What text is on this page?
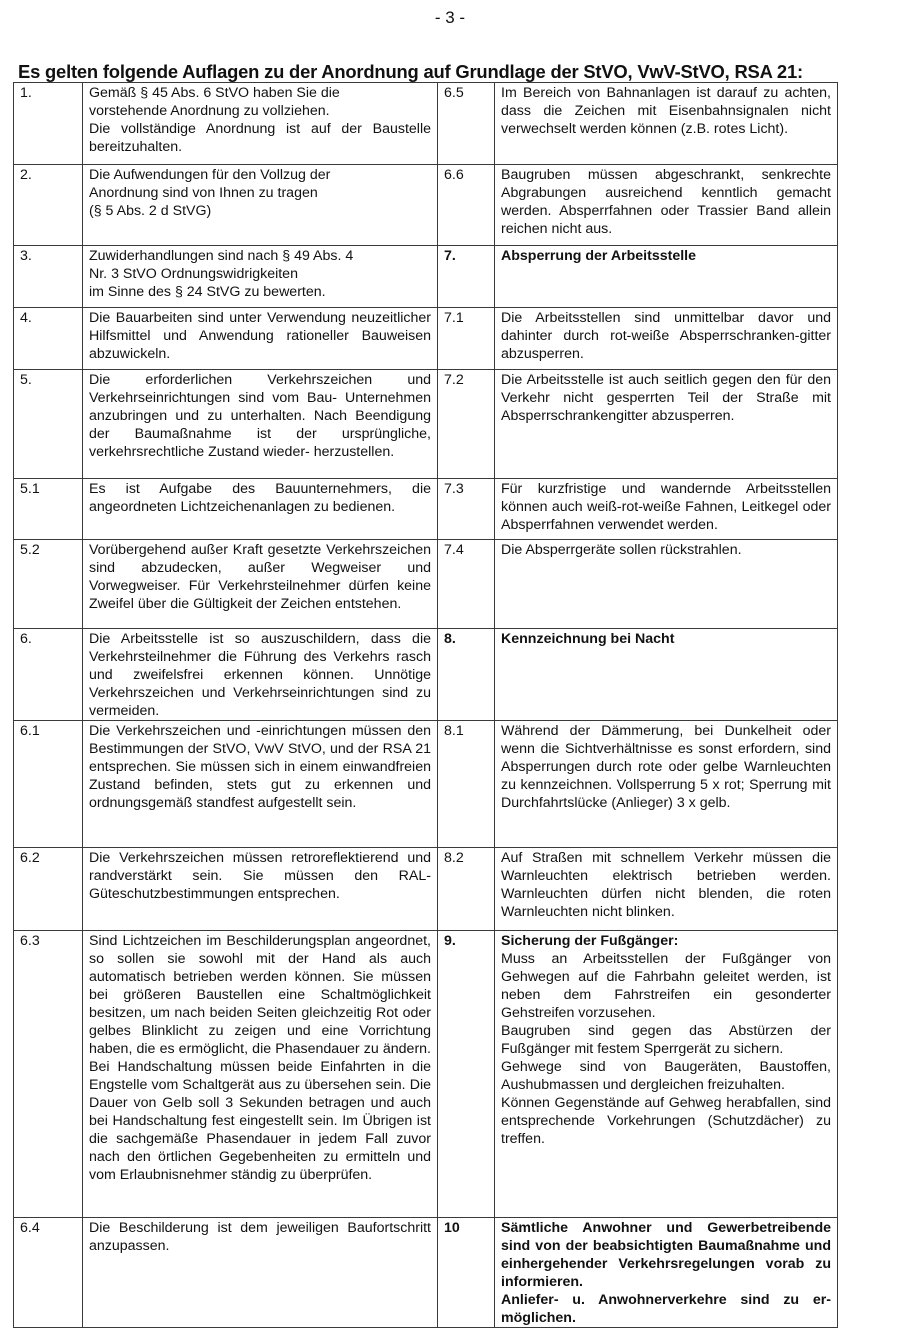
- 3 -
Es gelten folgende Auflagen zu der Anordnung auf Grundlage der StVO, VwV-StVO, RSA 21:
1.	Gemäß § 45 Abs. 6 StVO haben Sie die
vorstehende Anordnung zu vollziehen.
Die vollständige Anordnung ist auf der Baustelle bereitzuhalten.	6.5	Im Bereich von Bahnanlagen ist darauf zu achten, dass die Zeichen mit Eisenbahnsignalen nicht verwechselt werden können (z.B. rotes Licht).
2.	Die Aufwendungen für den Vollzug der
Anordnung sind von Ihnen zu tragen
(§ 5 Abs. 2 d StVG)	6.6	Baugruben müssen abgeschrankt, senkrechte Abgrabungen ausreichend kenntlich gemacht werden. Absperrfahnen oder Trassier Band allein reichen nicht aus.
3.	Zuwiderhandlungen sind nach § 49 Abs. 4
Nr. 3 StVO Ordnungswidrigkeiten
im Sinne des § 24 StVG zu bewerten.	7.	Absperrung der Arbeitsstelle
4.	Die Bauarbeiten sind unter Verwendung neuzeitlicher Hilfsmittel und Anwendung rationeller Bauweisen abzuwickeln.	7.1	Die Arbeitsstellen sind unmittelbar davor und dahinter durch rot-weiße Absperrschranken-gitter abzusperren.
5.	Die erforderlichen Verkehrszeichen und Verkehrseinrichtungen sind vom Bau- Unternehmen anzubringen und zu unterhalten. Nach Beendigung der Baumaßnahme ist der ursprüngliche, verkehrsrechtliche Zustand wieder- herzustellen.	7.2	Die Arbeitsstelle ist auch seitlich gegen den für den Verkehr nicht gesperrten Teil der Straße mit Absperrschrankengitter abzusperren.
5.1	Es ist Aufgabe des Bauunternehmers, die angeordneten Lichtzeichenanlagen zu bedienen.	7.3	Für kurzfristige und wandernde Arbeitsstellen können auch weiß-rot-weiße Fahnen, Leitkegel oder Absperrfahnen verwendet werden.
5.2	Vorübergehend außer Kraft gesetzte Verkehrszeichen sind abzudecken, außer Wegweiser und Vorwegweiser. Für Verkehrsteilnehmer dürfen keine Zweifel über die Gültigkeit der Zeichen entstehen.	7.4	Die Absperrgeräte sollen rückstrahlen.
6.	Die Arbeitsstelle ist so auszuschildern, dass die Verkehrsteilnehmer die Führung des Verkehrs rasch und zweifelsfrei erkennen können. Unnötige Verkehrszeichen und Verkehrseinrichtungen sind zu vermeiden.	8.	Kennzeichnung bei Nacht
6.1	Die Verkehrszeichen und -einrichtungen müssen den Bestimmungen der StVO, VwV StVO, und der RSA 21 entsprechen. Sie müssen sich in einem einwandfreien Zustand befinden, stets gut zu erkennen und ordnungsgemäß standfest aufgestellt sein.	8.1	Während der Dämmerung, bei Dunkelheit oder wenn die Sichtverhältnisse es sonst erfordern, sind Absperrungen durch rote oder gelbe Warnleuchten zu kennzeichnen. Vollsperrung 5 x rot; Sperrung mit Durchfahrtslücke (Anlieger) 3 x gelb.
6.2	Die Verkehrszeichen müssen retroreflektierend und randverstärkt sein. Sie müssen den RAL-Güteschutzbestimmungen entsprechen.	8.2	Auf Straßen mit schnellem Verkehr müssen die Warnleuchten elektrisch betrieben werden. Warnleuchten dürfen nicht blenden, die roten Warnleuchten nicht blinken.
6.3	Sind Lichtzeichen im Beschilderungsplan angeordnet, so sollen sie sowohl mit der Hand als auch automatisch betrieben werden können. Sie müssen bei größeren Baustellen eine Schaltmöglichkeit besitzen, um nach beiden Seiten gleichzeitig Rot oder gelbes Blinklicht zu zeigen und eine Vorrichtung haben, die es ermöglicht, die Phasendauer zu ändern. Bei Handschaltung müssen beide Einfahrten in die Engstelle vom Schaltgerät aus zu übersehen sein. Die Dauer von Gelb soll 3 Sekunden betragen und auch bei Handschaltung fest eingestellt sein. Im Übrigen ist die sachgemäße Phasendauer in jedem Fall zuvor nach den örtlichen Gegebenheiten zu ermitteln und vom Erlaubnisnehmer ständig zu überprüfen.	9.	Sicherung der Fußgänger:
Muss an Arbeitsstellen der Fußgänger von Gehwegen auf die Fahrbahn geleitet werden, ist neben dem Fahrstreifen ein gesonderter Gehstreifen vorzusehen.
Baugruben sind gegen das Abstürzen der Fußgänger mit festem Sperrgerät zu sichern.
Gehwege sind von Baugeräten, Baustoffen, Aushubmassen und dergleichen freizuhalten.
Können Gegenstände auf Gehweg herabfallen, sind entsprechende Vorkehrungen (Schutzdächer) zu treffen.

6.4	Die Beschilderung ist dem jeweiligen Baufortschritt anzupassen.	10	Sämtliche Anwohner und Gewerbetreibende sind von der beabsichtigten Baumaßnahme und einhergehender Verkehrsregelungen vorab zu informieren.
Anliefer- u. Anwohnerverkehre sind zu er-möglichen.
